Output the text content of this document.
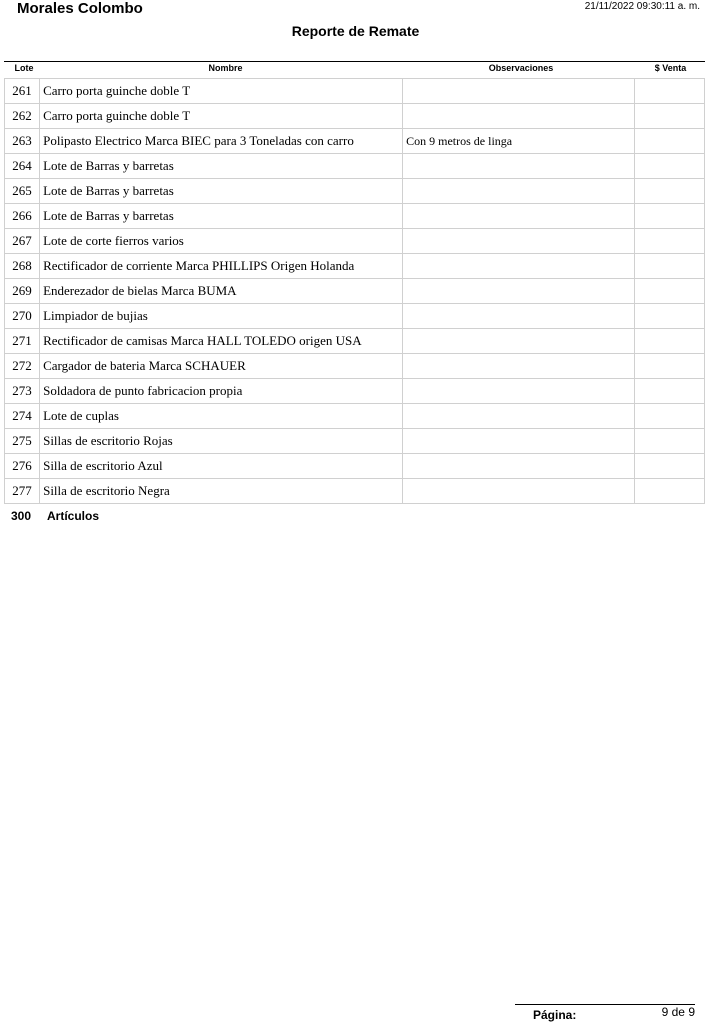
Morales Colombo	21/11/2022 09:30:11 a. m.
Reporte de Remate
Lote	Nombre	Observaciones	$ Venta
261	Carro porta guinche doble T		
262	Carro porta guinche doble T		
263	Polipasto Electrico Marca BIEC para 3 Toneladas con carro	Con 9 metros de linga	
264	Lote de Barras y barretas		
265	Lote de Barras y barretas		
266	Lote de Barras y barretas		
267	Lote de corte fierros varios		
268	Rectificador de corriente Marca PHILLIPS Origen Holanda		
269	Enderezador de bielas Marca BUMA		
270	Limpiador de bujias		
271	Rectificador de camisas Marca HALL TOLEDO origen USA		
272	Cargador de bateria Marca SCHAUER		
273	Soldadora de punto fabricacion propia		
274	Lote de cuplas		
275	Sillas de escritorio Rojas		
276	Silla de escritorio Azul		
277	Silla de escritorio Negra		
300 Artículos
Página:	9 de 9
